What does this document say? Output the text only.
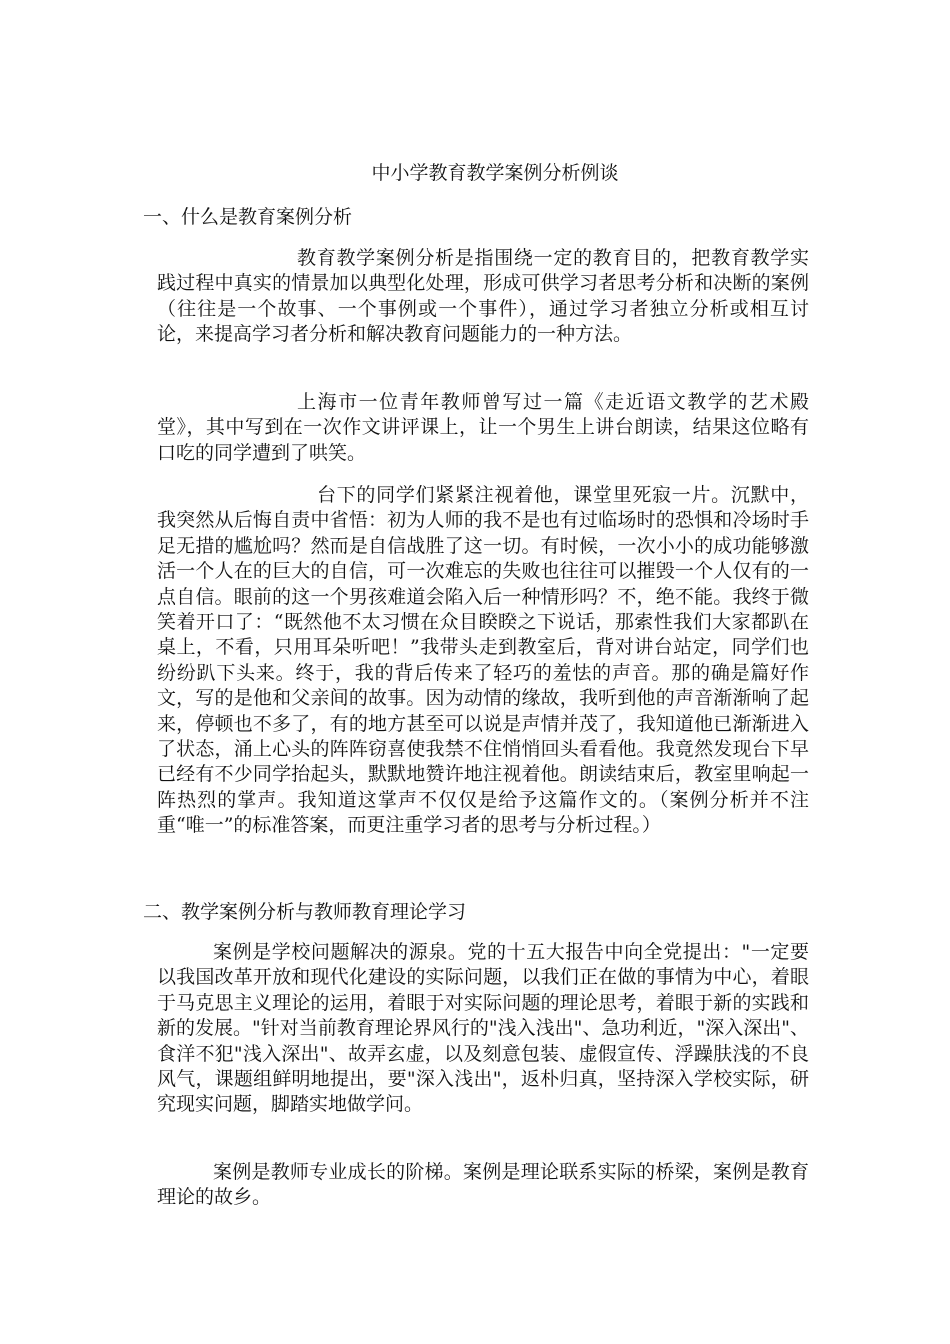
中小学教育教学案例分析例谈
一、什么是教育案例分析

教育教学案例分析是指围绕一定的教育目的，把教育教学实践过程中真实的情景加以典型化处理，形成可供学习者思考分析和决断的案例（往往是一个故事、一个事例或一个事件），通过学习者独立分析或相互讨论，来提高学习者分析和解决教育问题能力的一种方法。

上海市一位青年教师曾写过一篇《走近语文教学的艺术殿堂》，其中写到在一次作文讲评课上，让一个男生上讲台朗读，结果这位略有口吃的同学遭到了哄笑。

台下的同学们紧紧注视着他，课堂里死寂一片。沉默中，我突然从后悔自责中省悟：初为人师的我不是也有过临场时的恐惧和冷场时手足无措的尴尬吗？然而是自信战胜了这一切。有时候，一次小小的成功能够激活一个人在的巨大的自信，可一次难忘的失败也往往可以摧毁一个人仅有的一点自信。眼前的这一个男孩难道会陷入后一种情形吗？不，绝不能。我终于微笑着开口了：“既然他不太习惯在众目睽睽之下说话，那索性我们大家都趴在桌上，不看，只用耳朵听吧！”我带头走到教室后，背对讲台站定，同学们也纷纷趴下头来。终于，我的背后传来了轻巧的羞怯的声音。那的确是篇好作文，写的是他和父亲间的故事。因为动情的缘故，我听到他的声音渐渐响了起来，停顿也不多了，有的地方甚至可以说是声情并茂了，我知道他已渐渐进入了状态，涌上心头的阵阵窃喜使我禁不住悄悄回头看看他。我竟然发现台下早已经有不少同学抬起头，默默地赞许地注视着他。朗读结束后，教室里响起一阵热烈的掌声。我知道这掌声不仅仅是给予这篇作文的。（案例分析并不注重“唯一”的标准答案，而更注重学习者的思考与分析过程。）

二、教学案例分析与教师教育理论学习

案例是学校问题解决的源泉。党的十五大报告中向全党提出："一定要以我国改革开放和现代化建设的实际问题，以我们正在做的事情为中心，着眼于马克思主义理论的运用，着眼于对实际问题的理论思考，着眼于新的实践和新的发展。"针对当前教育理论界风行的"浅入浅出"、急功利近，"深入深出"、食洋不犯"浅入深出"、故弄玄虚，以及刻意包装、虚假宣传、浮躁肤浅的不良风气，课题组鲜明地提出，要"深入浅出"，返朴归真，坚持深入学校实际，研究现实问题，脚踏实地做学问。

案例是教师专业成长的阶梯。案例是理论联系实际的桥梁，案例是教育理论的故乡。
